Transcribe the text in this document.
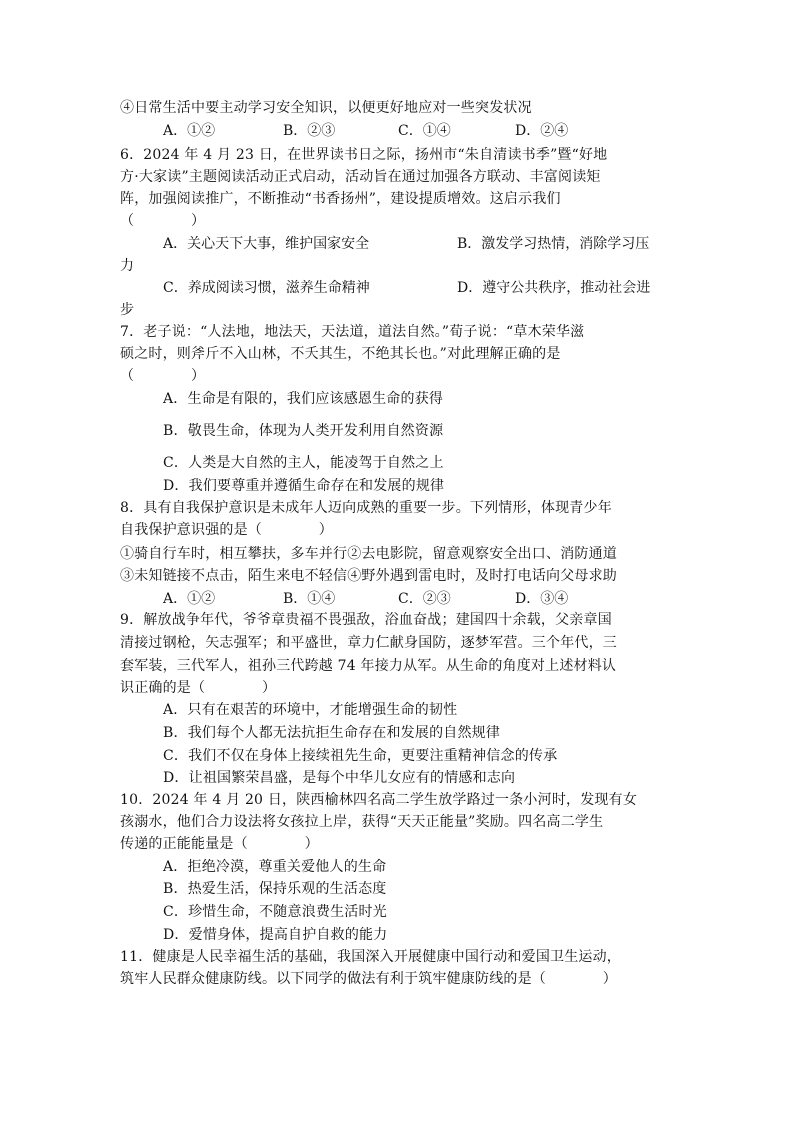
④日常生活中要主动学习安全知识，以便更好地应对一些突发状况
A．①②	B．②③	C．①④	D．②④
6．2024 年 4 月 23 日，在世界读书日之际，扬州市“朱自清读书季”暨“好地
方·大家读”主题阅读活动正式启动，活动旨在通过加强各方联动、丰富阅读矩
阵，加强阅读推广，不断推动“书香扬州”，建设提质增效。这启示我们
（　　　　）
A．关心天下大事，维护国家安全	B．激发学习热情，消除学习压
力
C．养成阅读习惯，滋养生命精神	D．遵守公共秩序，推动社会进
步
7．老子说：“人法地，地法天，天法道，道法自然。”荀子说：“草木荣华滋
硕之时，则斧斤不入山林，不夭其生，不绝其长也。”对此理解正确的是
（　　　　）
A．生命是有限的，我们应该感恩生命的获得
B．敬畏生命，体现为人类开发利用自然资源
C．人类是大自然的主人，能凌驾于自然之上
D．我们要尊重并遵循生命存在和发展的规律
8．具有自我保护意识是未成年人迈向成熟的重要一步。下列情形，体现青少年
自我保护意识强的是（　　　　）
①骑自行车时，相互攀扶，多车并行②去电影院，留意观察安全出口、消防通道
③未知链接不点击，陌生来电不轻信④野外遇到雷电时，及时打电话向父母求助
A．①②	B．①④	C．②③	D．③④
9．解放战争年代，爷爷章贵福不畏强敌，浴血奋战；建国四十余载，父亲章国
清接过钢枪，矢志强军；和平盛世，章力仁献身国防，逐梦军营。三个年代，三
套军装，三代军人，祖孙三代跨越 74 年接力从军。从生命的角度对上述材料认
识正确的是（　　　　）
A．只有在艰苦的环境中，才能增强生命的韧性
B．我们每个人都无法抗拒生命存在和发展的自然规律
C．我们不仅在身体上接续祖先生命，更要注重精神信念的传承
D．让祖国繁荣昌盛，是每个中华儿女应有的情感和志向
10．2024 年 4 月 20 日，陕西榆林四名高二学生放学路过一条小河时，发现有女
孩溺水，他们合力设法将女孩拉上岸，获得“天天正能量”奖励。四名高二学生
传递的正能能量是（　　　　）
A．拒绝冷漠，尊重关爱他人的生命
B．热爱生活，保持乐观的生活态度
C．珍惜生命，不随意浪费生活时光
D．爱惜身体，提高自护自救的能力
11．健康是人民幸福生活的基础，我国深入开展健康中国行动和爱国卫生运动，
筑牢人民群众健康防线。以下同学的做法有利于筑牢健康防线的是（　　　　）
